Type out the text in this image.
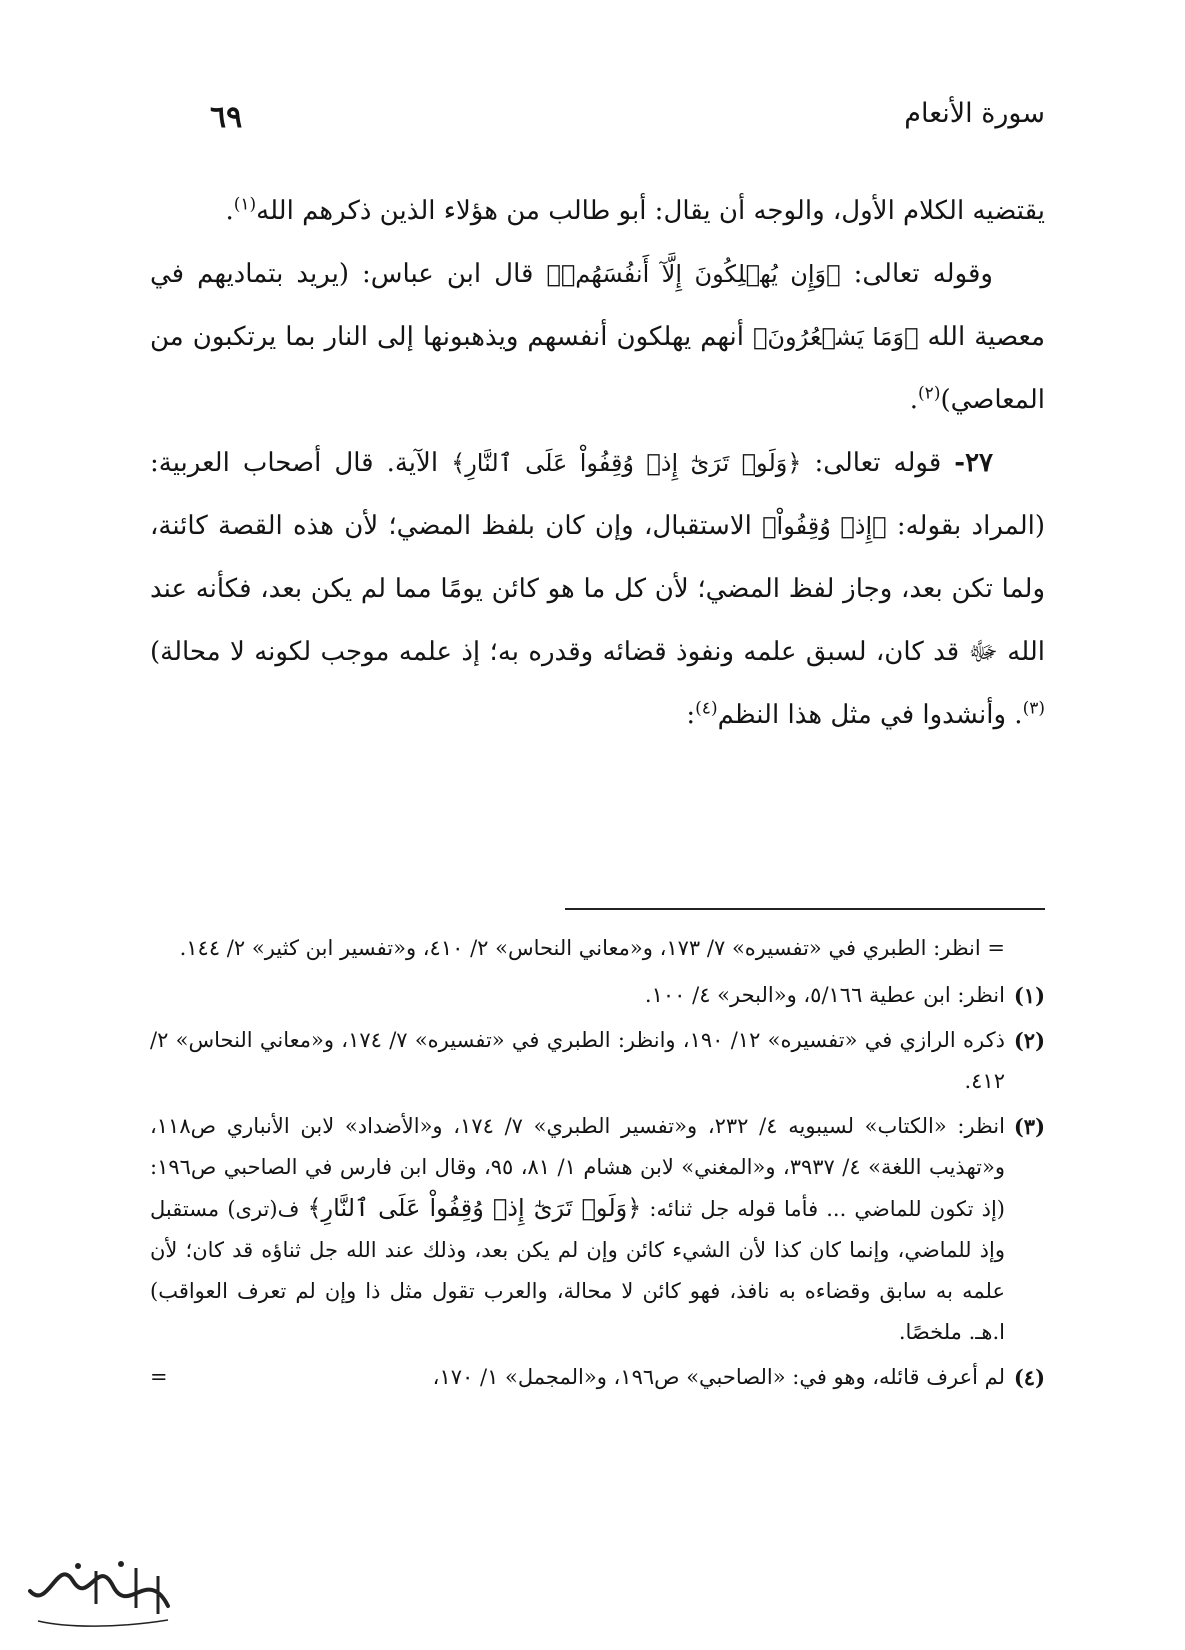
سورة الأنعام
٦٩

يقتضيه الكلام الأول، والوجه أن يقال: أبو طالب من هؤلاء الذين ذكرهم الله$^{(١)}$.

وقوله تعالى: ﴿وَإِن يُهۡلِكُونَ إِلَّآ أَنفُسَهُمۡ﴾ قال ابن عباس: (يريد بتماديهم في معصية الله ﴿وَمَا يَشۡعُرُونَ﴾ أنهم يهلكون أنفسهم ويذهبونها إلى النار بما يرتكبون من المعاصي)$^{(٢)}$.

٢٧- قوله تعالى: ﴿وَلَوۡ تَرَىٰٓ إِذۡ وُقِفُواْ عَلَى ٱلنَّارِ﴾ الآية. قال أصحاب العربية: (المراد بقوله: ﴿إِذۡ وُقِفُواْ﴾ الاستقبال، وإن كان بلفظ المضي؛ لأن هذه القصة كائنة، ولما تكن بعد، وجاز لفظ المضي؛ لأن كل ما هو كائن يومًا مما لم يكن بعد، فكأنه عند الله ﷻ قد كان، لسبق علمه ونفوذ قضائه وقدره به؛ إذ علمه موجب لكونه لا محالة)$^{(٣)}$. وأنشدوا في مثل هذا النظم$^{(٤)}$:

= انظر: الطبري في «تفسيره» ٧/ ١٧٣، و«معاني النحاس» ٢/ ٤١٠، و«تفسير ابن كثير» ٢/ ١٤٤.

(١)
انظر: ابن عطية ٥/١٦٦، و«البحر» ٤/ ١٠٠.

(٢)
ذكره الرازي في «تفسيره» ١٢/ ١٩٠، وانظر: الطبري في «تفسيره» ٧/ ١٧٤، و«معاني النحاس» ٢/ ٤١٢.

(٣)
انظر: «الكتاب» لسيبويه ٤/ ٢٣٢، و«تفسير الطبري» ٧/ ١٧٤، و«الأضداد» لابن الأنباري ص١١٨، و«تهذيب اللغة» ٤/ ٣٩٣٧، و«المغني» لابن هشام ١/ ٨١، ٩٥، وقال ابن فارس في الصاحبي ص١٩٦: (إذ تكون للماضي ... فأما قوله جل ثنائه: ﴿وَلَوۡ تَرَىٰٓ إِذۡ وُقِفُواْ عَلَى ٱلنَّارِ﴾ ف(ترى) مستقبل وإذ للماضي، وإنما كان كذا لأن الشيء كائن وإن لم يكن بعد، وذلك عند الله جل ثناؤه قد كان؛ لأن علمه به سابق وقضاءه به نافذ، فهو كائن لا محالة، والعرب تقول مثل ذا وإن لم تعرف العواقب) ا.هـ. ملخصًا.

(٤)
لم أعرف قائله، وهو في: «الصاحبي» ص١٩٦، و«المجمل» ١/ ١٧٠،
=
